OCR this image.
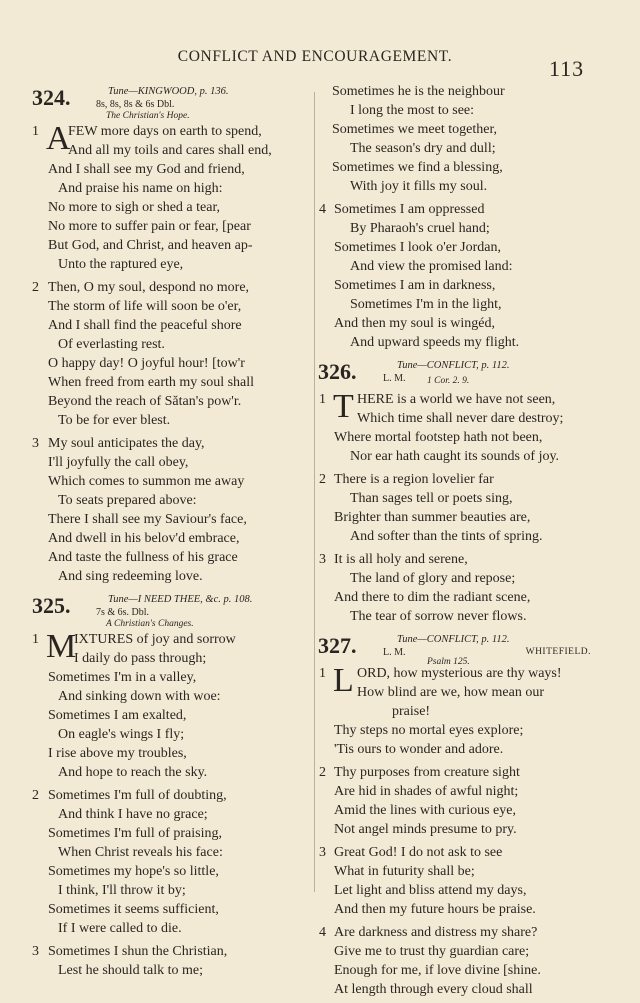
CONFLICT AND ENCOURAGEMENT.	113
Tune—KINGWOOD, p. 136.
324.	8s, 8s, 8s & 6s Dbl.
The Christian's Hope.
1 A
FEW more days on earth to spend,
And all my toils and cares shall end,
And I shall see my God and friend,
And praise his name on high:
No more to sigh or shed a tear,
No more to suffer pain or fear, [pear
But God, and Christ, and heaven ap-
Unto the raptured eye,
2 Then, O my soul, despond no more,
The storm of life will soon be o'er,
And I shall find the peaceful shore
Of everlasting rest.
O happy day! O joyful hour! [tow'r
When freed from earth my soul shall
Beyond the reach of Sătan's pow'r.
To be for ever blest.
3 My soul anticipates the day,
I'll joyfully the call obey,
Which comes to summon me away
To seats prepared above:
There I shall see my Saviour's face,
And dwell in his belov'd embrace,
And taste the fullness of his grace
And sing redeeming love.
Tune—I NEED THEE, &c. p. 108.
325.	7s & 6s. Dbl.
A Christian's Changes.
1 M
IXTURES of joy and sorrow
I daily do pass through;
Sometimes I'm in a valley,
And sinking down with woe:
Sometimes I am exalted,
On eagle's wings I fly;
I rise above my troubles,
And hope to reach the sky.
2 Sometimes I'm full of doubting,
And think I have no grace;
Sometimes I'm full of praising,
When Christ reveals his face:
Sometimes my hope's so little,
I think, I'll throw it by;
Sometimes it seems sufficient,
If I were called to die.
3 Sometimes I shun the Christian,
Lest he should talk to me;
Sometimes he is the neighbour
I long the most to see:
Sometimes we meet together,
The season's dry and dull;
Sometimes we find a blessing,
With joy it fills my soul.
4 Sometimes I am oppressed
By Pharaoh's cruel hand;
Sometimes I look o'er Jordan,
And view the promised land:
Sometimes I am in darkness,
Sometimes I'm in the light,
And then my soul is wingéd,
And upward speeds my flight.
Tune—CONFLICT, p. 112.
326.	L. M. 1 Cor. 2. 9.
1 T HERE is a world we have not seen,
Which time shall never dare destroy;
Where mortal footstep hath not been,
Nor ear hath caught its sounds of joy.
2 There is a region lovelier far
Than sages tell or poets sing,
Brighter than summer beauties are,
And softer than the tints of spring.
3 It is all holy and serene,
The land of glory and repose;
And there to dim the radiant scene,
The tear of sorrow never flows.
Tune—CONFLICT, p. 112.
327.	L. M.	WHITEFIELD.
Psalm 125.
1 L ORD, how mysterious are thy ways!
How blind are we, how mean our
praise!
Thy steps no mortal eyes explore;
'Tis ours to wonder and adore.
2 Thy purposes from creature sight
Are hid in shades of awful night;
Amid the lines with curious eye,
Not angel minds presume to pry.
3 Great God! I do not ask to see
What in futurity shall be;
Let light and bliss attend my days,
And then my future hours be praise.
4 Are darkness and distress my share?
Give me to trust thy guardian care;
Enough for me, if love divine [shine.
At length through every cloud shall
